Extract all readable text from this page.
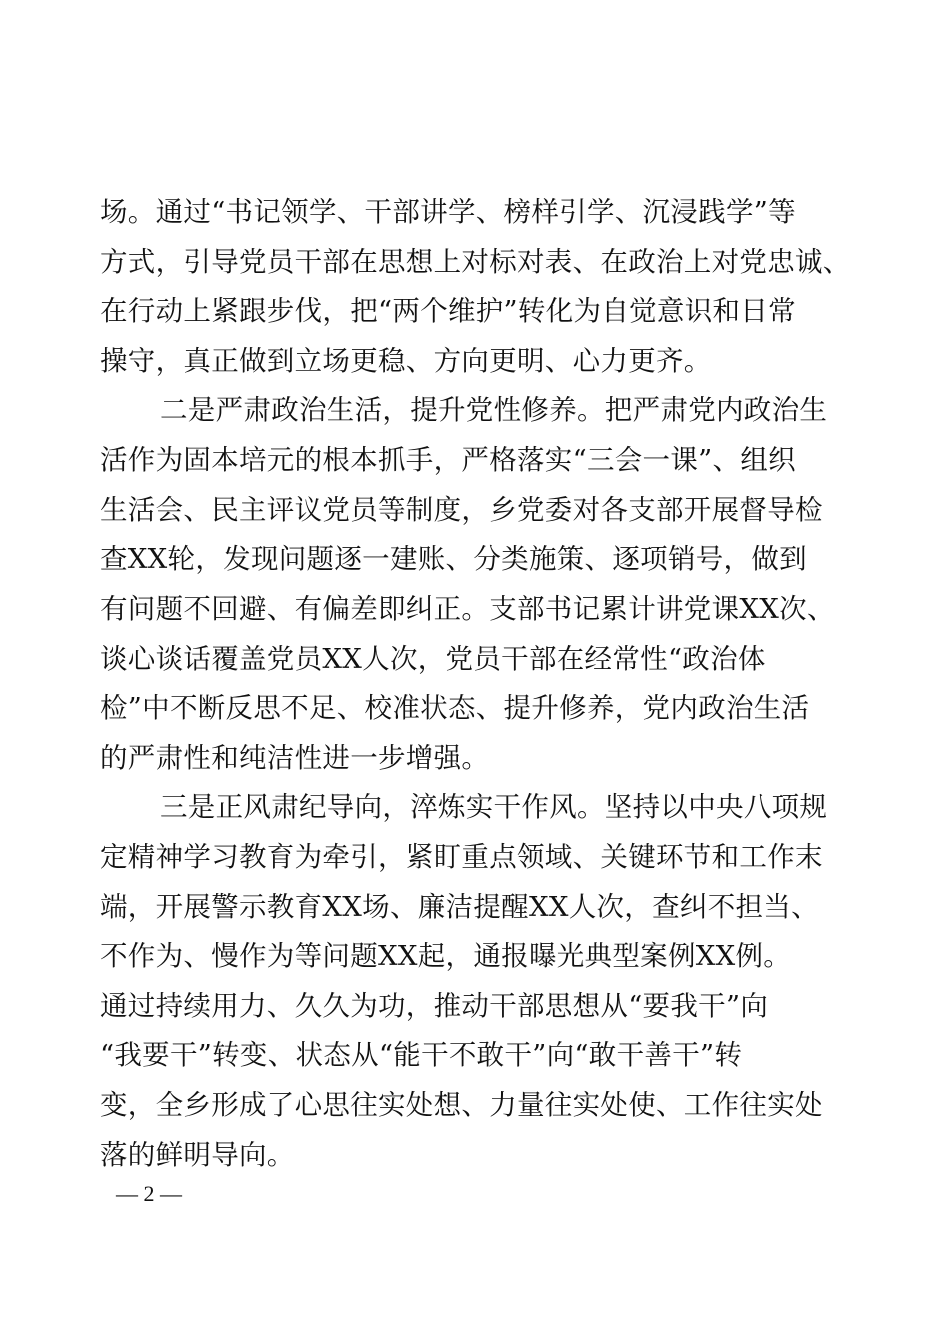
场。通过“书记领学、干部讲学、榜样引学、沉浸践学”等
方式，引导党员干部在思想上对标对表、在政治上对党忠诚、
在行动上紧跟步伐，把“两个维护”转化为自觉意识和日常
操守，真正做到立场更稳、方向更明、心力更齐。
二是严肃政治生活，提升党性修养。把严肃党内政治生
活作为固本培元的根本抓手，严格落实“三会一课”、组织
生活会、民主评议党员等制度，乡党委对各支部开展督导检
查XX轮，发现问题逐一建账、分类施策、逐项销号，做到
有问题不回避、有偏差即纠正。支部书记累计讲党课XX次、
谈心谈话覆盖党员XX人次，党员干部在经常性“政治体
检”中不断反思不足、校准状态、提升修养，党内政治生活
的严肃性和纯洁性进一步增强。
三是正风肃纪导向，淬炼实干作风。坚持以中央八项规
定精神学习教育为牵引，紧盯重点领域、关键环节和工作末
端，开展警示教育XX场、廉洁提醒XX人次，查纠不担当、
不作为、慢作为等问题XX起，通报曝光典型案例XX例。
通过持续用力、久久为功，推动干部思想从“要我干”向
“我要干”转变、状态从“能干不敢干”向“敢干善干”转
变，全乡形成了心思往实处想、力量往实处使、工作往实处
落的鲜明导向。
— 2 —
